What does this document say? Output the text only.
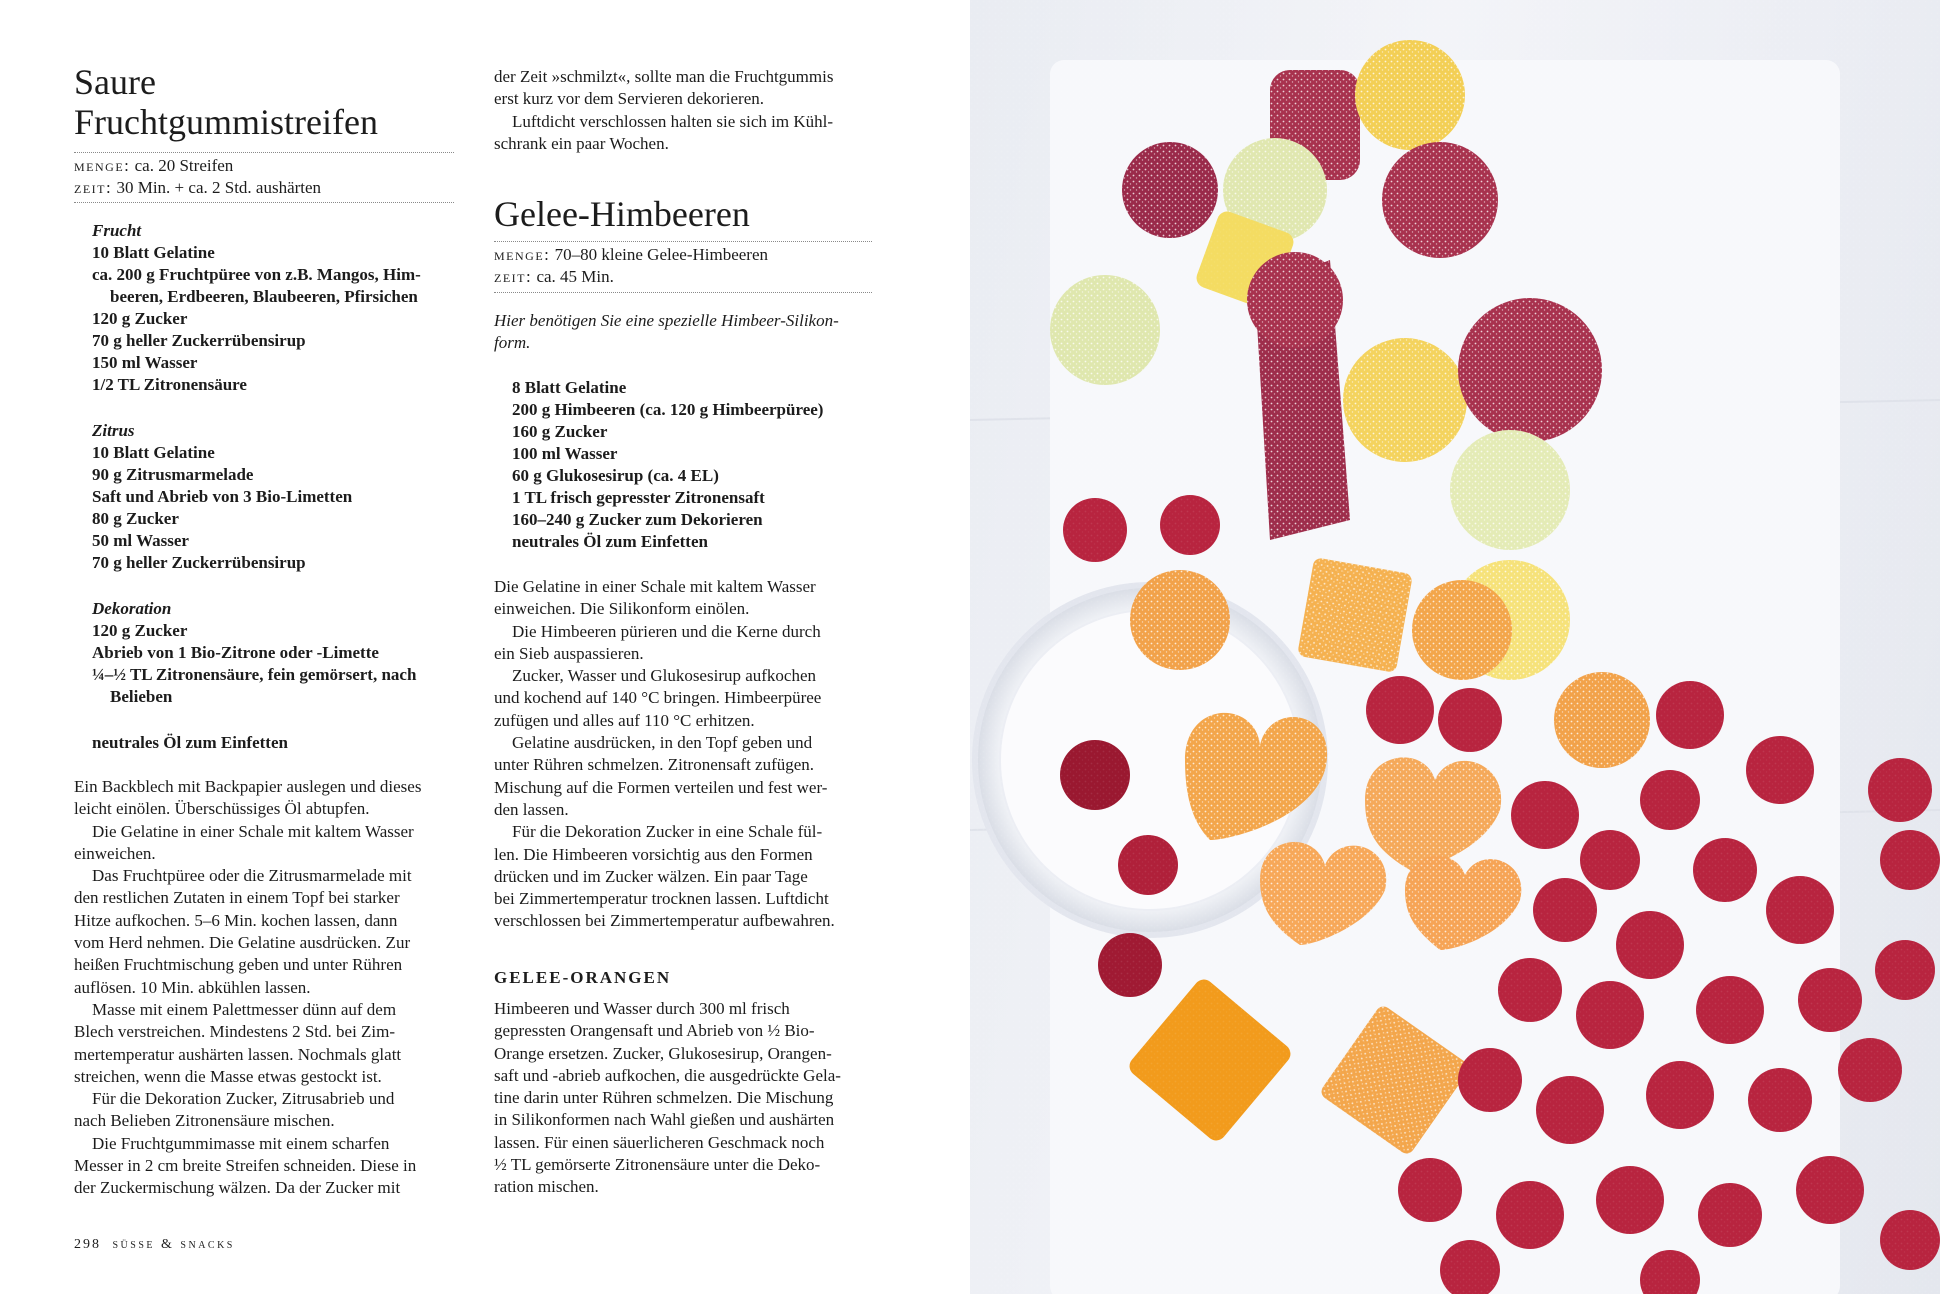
Saure
Fruchtgummistreifen
menge: ca. 20 Streifen
zeit: 30 Min. + ca. 2 Std. aushärten
Frucht
10 Blatt Gelatine
ca. 200 g Fruchtpüree von z.B. Mangos, Him-
beeren, Erdbeeren, Blaubeeren, Pfirsichen
120 g Zucker
70 g heller Zuckerrübensirup
150 ml Wasser
1/2 TL Zitronensäure
Zitrus
10 Blatt Gelatine
90 g Zitrusmarmelade
Saft und Abrieb von 3 Bio-Limetten
80 g Zucker
50 ml Wasser
70 g heller Zuckerrübensirup
Dekoration
120 g Zucker
Abrieb von 1 Bio-Zitrone oder -Limette
¼–½ TL Zitronensäure, fein gemörsert, nach
Belieben
neutrales Öl zum Einfetten
Ein Backblech mit Backpapier auslegen und dieses
leicht einölen. Überschüssiges Öl abtupfen.
Die Gelatine in einer Schale mit kaltem Wasser
einweichen.
Das Fruchtpüree oder die Zitrusmarmelade mit
den restlichen Zutaten in einem Topf bei starker
Hitze aufkochen. 5–6 Min. kochen lassen, dann
vom Herd nehmen. Die Gelatine ausdrücken. Zur
heißen Fruchtmischung geben und unter Rühren
auflösen. 10 Min. abkühlen lassen.
Masse mit einem Palettmesser dünn auf dem
Blech verstreichen. Mindestens 2 Std. bei Zim-
mertemperatur aushärten lassen. Nochmals glatt
streichen, wenn die Masse etwas gestockt ist.
Für die Dekoration Zucker, Zitrusabrieb und
nach Belieben Zitronensäure mischen.
Die Fruchtgummimasse mit einem scharfen
Messer in 2 cm breite Streifen schneiden. Diese in
der Zuckermischung wälzen. Da der Zucker mit
der Zeit »schmilzt«, sollte man die Fruchtgummis
erst kurz vor dem Servieren dekorieren.
Luftdicht verschlossen halten sie sich im Kühl-
schrank ein paar Wochen.
Gelee-Himbeeren
menge: 70–80 kleine Gelee-Himbeeren
zeit: ca. 45 Min.
Hier benötigen Sie eine spezielle Himbeer-Silikon-
form.
8 Blatt Gelatine
200 g Himbeeren (ca. 120 g Himbeerpüree)
160 g Zucker
100 ml Wasser
60 g Glukosesirup (ca. 4 EL)
1 TL frisch gepresster Zitronensaft
160–240 g Zucker zum Dekorieren
neutrales Öl zum Einfetten
Die Gelatine in einer Schale mit kaltem Wasser
einweichen. Die Silikonform einölen.
Die Himbeeren pürieren und die Kerne durch
ein Sieb auspassieren.
Zucker, Wasser und Glukosesirup aufkochen
und kochend auf 140 °C bringen. Himbeerpüree
zufügen und alles auf 110 °C erhitzen.
Gelatine ausdrücken, in den Topf geben und
unter Rühren schmelzen. Zitronensaft zufügen.
Mischung auf die Formen verteilen und fest wer-
den lassen.
Für die Dekoration Zucker in eine Schale fül-
len. Die Himbeeren vorsichtig aus den Formen
drücken und im Zucker wälzen. Ein paar Tage
bei Zimmertemperatur trocknen lassen. Luftdicht
verschlossen bei Zimmertemperatur aufbewahren.
GELEE-ORANGEN
Himbeeren und Wasser durch 300 ml frisch
gepressten Orangensaft und Abrieb von ½ Bio-
Orange ersetzen. Zucker, Glukosesirup, Orangen-
saft und -abrieb aufkochen, die ausgedrückte Gela-
tine darin unter Rühren schmelzen. Die Mischung
in Silikonformen nach Wahl gießen und aushärten
lassen. Für einen säuerlicheren Geschmack noch
½ TL gemörserte Zitronensäure unter die Deko-
ration mischen.
298 süsse & snacks
